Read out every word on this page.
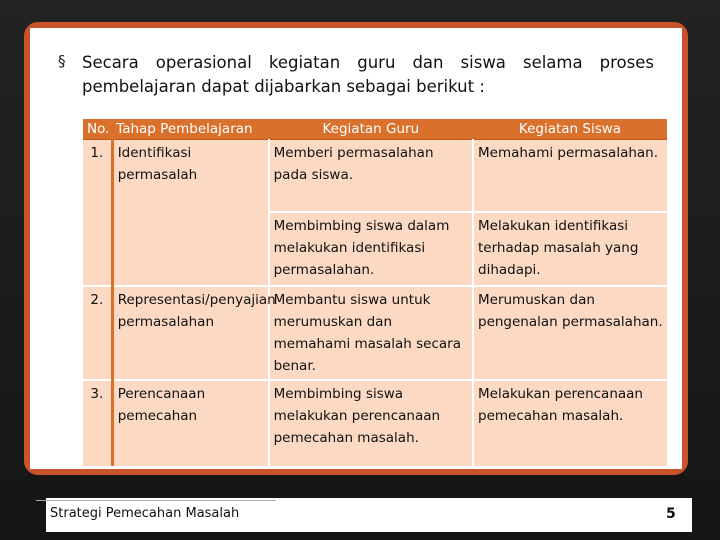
§ Secara operasional kegiatan guru dan siswa selama proses
pembelajaran dapat dijabarkan sebagai berikut :
No.	Tahap Pembelajaran	Kegiatan Guru	Kegiatan Siswa
1.	Identifikasi permasalah	Memberi permasalahan pada siswa.	Memahami permasalahan.
		Membimbing siswa dalam melakukan identifikasi permasalahan.	Melakukan identifikasi terhadap masalah yang dihadapi.
2.	Representasi/penyajian permasalahan	Membantu siswa untuk merumuskan dan memahami masalah secara benar.	Merumuskan dan pengenalan permasalahan.
3.	Perencanaan pemecahan	Membimbing siswa melakukan perencanaan pemecahan masalah.	Melakukan perencanaan pemecahan masalah.
Strategi Pemecahan Masalah	5
